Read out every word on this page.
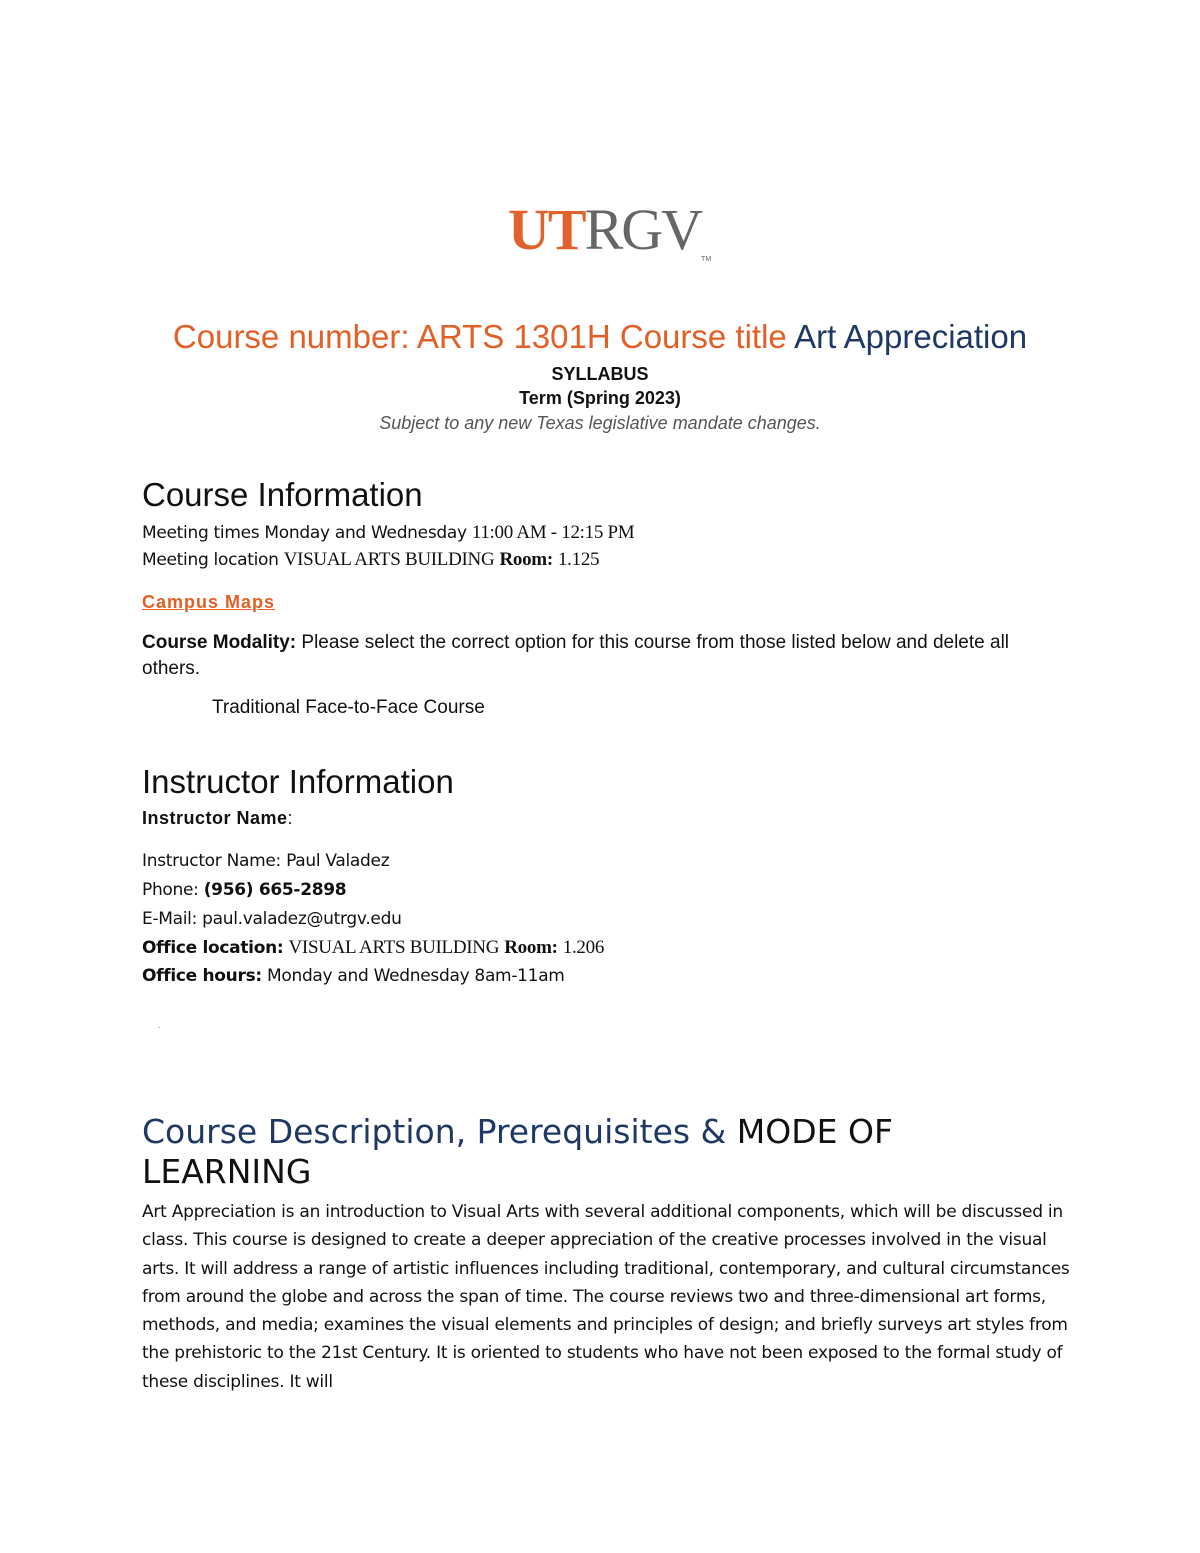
UTRGVTM
Course number: ARTS 1301H Course title Art Appreciation
SYLLABUS
Term (Spring 2023)
Subject to any new Texas legislative mandate changes.
Course Information
Meeting times Monday and Wednesday 11:00 AM - 12:15 PM
Meeting location VISUAL ARTS BUILDING Room: 1.125
Campus Maps
Course Modality: Please select the correct option for this course from those listed below and delete all others.
Traditional Face-to-Face Course
Instructor Information
Instructor Name:
Instructor Name: Paul Valadez
Phone: (956) 665-2898
E-Mail: paul.valadez@utrgv.edu
Office location: VISUAL ARTS BUILDING Room: 1.206
Office hours: Monday and Wednesday 8am-11am
.
Course Description, Prerequisites & MODE OF LEARNING
Art Appreciation is an introduction to Visual Arts with several additional components, which will be discussed in class. This course is designed to create a deeper appreciation of the creative processes involved in the visual arts. It will address a range of artistic influences including traditional, contemporary, and cultural circumstances from around the globe and across the span of time. The course reviews two and three-dimensional art forms, methods, and media; examines the visual elements and principles of design; and briefly surveys art styles from the prehistoric to the 21st Century. It is oriented to students who have not been exposed to the formal study of these disciplines. It will
